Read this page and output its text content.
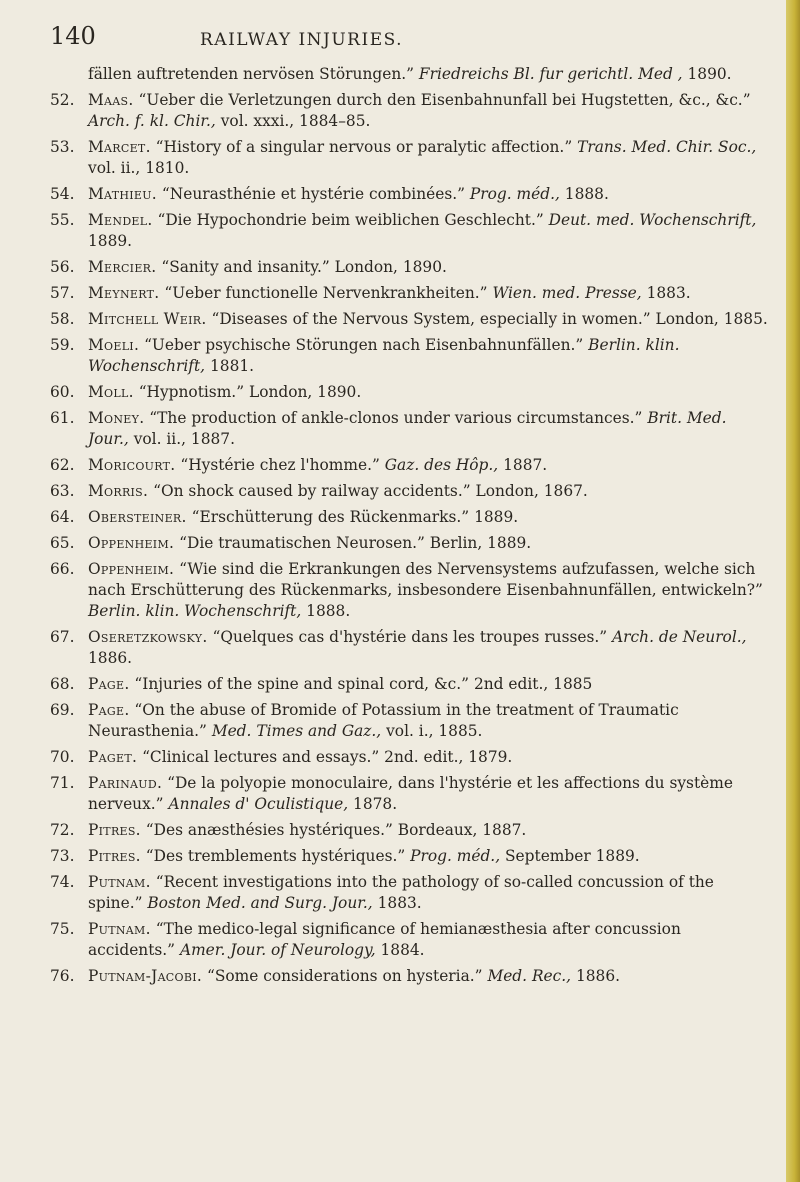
140	RAILWAY INJURIES.
fällen auftretenden nervösen Störungen.” Friedreichs Bl. fur gerichtl. Med , 1890.
52. Maas. “Ueber die Verletzungen durch den Eisenbahnunfall bei Hugstetten, &c., &c.” Arch. f. kl. Chir., vol. xxxi., 1884–85.
53. Marcet. “History of a singular nervous or paralytic affection.” Trans. Med. Chir. Soc., vol. ii., 1810.
54. Mathieu. “Neurasthénie et hystérie combinées.” Prog. méd., 1888.
55. Mendel. “Die Hypochondrie beim weiblichen Geschlecht.” Deut. med. Wochenschrift, 1889.
56. Mercier. “Sanity and insanity.” London, 1890.
57. Meynert. “Ueber functionelle Nervenkrankheiten.” Wien. med. Presse, 1883.
58. Mitchell Weir. “Diseases of the Nervous System, especially in women.” London, 1885.
59. Moeli. “Ueber psychische Störungen nach Eisenbahnunfällen.” Berlin. klin. Wochenschrift, 1881.
60. Moll. “Hypnotism.” London, 1890.
61. Money. “The production of ankle-clonos under various circumstances.” Brit. Med. Jour., vol. ii., 1887.
62. Moricourt. “Hystérie chez l'homme.” Gaz. des Hôp., 1887.
63. Morris. “On shock caused by railway accidents.” London, 1867.
64. Obersteiner. “Erschütterung des Rückenmarks.” 1889.
65. Oppenheim. “Die traumatischen Neurosen.” Berlin, 1889.
66. Oppenheim. “Wie sind die Erkrankungen des Nervensystems aufzufassen, welche sich nach Erschütterung des Rückenmarks, insbesondere Eisenbahnunfällen, entwickeln?” Berlin. klin. Wochenschrift, 1888.
67. Oseretzkowsky. “Quelques cas d'hystérie dans les troupes russes.” Arch. de Neurol., 1886.
68. Page. “Injuries of the spine and spinal cord, &c.” 2nd edit., 1885
69. Page. “On the abuse of Bromide of Potassium in the treatment of Traumatic Neurasthenia.” Med. Times and Gaz., vol. i., 1885.
70. Paget. “Clinical lectures and essays.” 2nd. edit., 1879.
71. Parinaud. “De la polyopie monoculaire, dans l'hystérie et les affections du système nerveux.” Annales d' Oculistique, 1878.
72. Pitres. “Des anæsthésies hystériques.” Bordeaux, 1887.
73. Pitres. “Des tremblements hystériques.” Prog. méd., September 1889.
74. Putnam. “Recent investigations into the pathology of so-called concussion of the spine.” Boston Med. and Surg. Jour., 1883.
75. Putnam. “The medico-legal significance of hemianæsthesia after concussion accidents.” Amer. Jour. of Neurology, 1884.
76. Putnam-Jacobi. “Some considerations on hysteria.” Med. Rec., 1886.
